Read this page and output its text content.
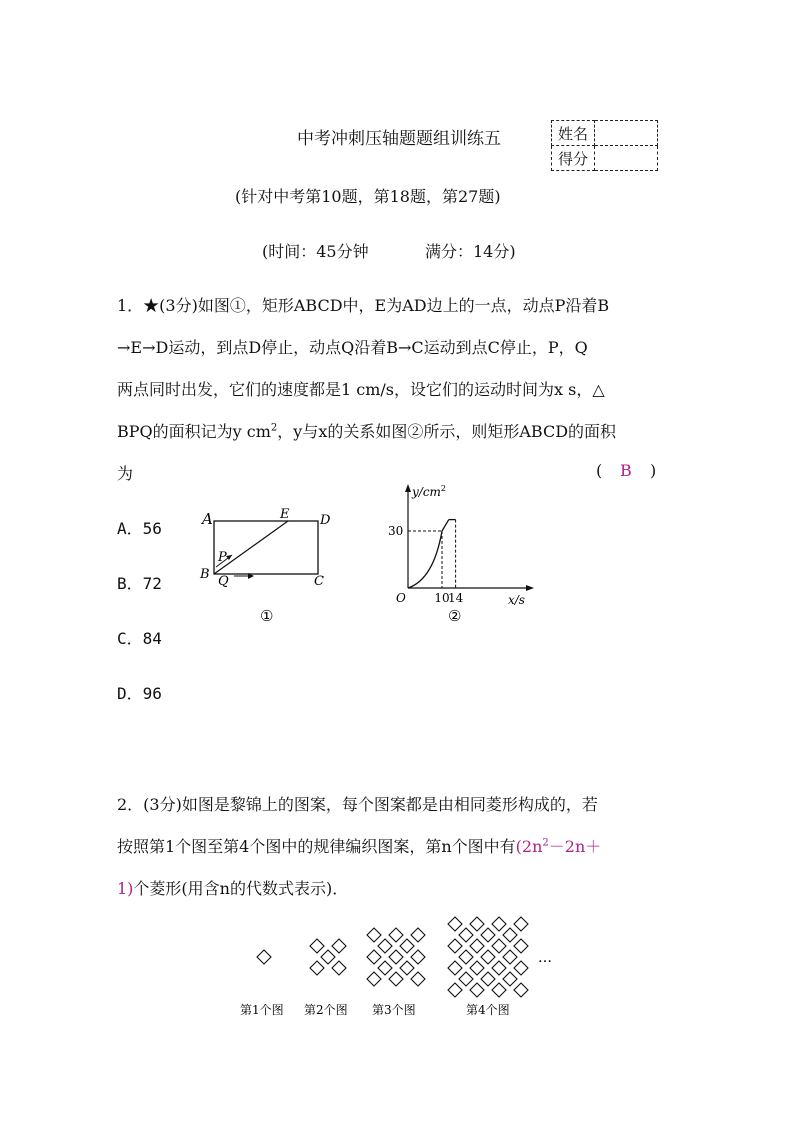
中考冲刺压轴题题组训练五	姓名	
得分	
(针对中考第10题，第18题，第27题)
(时间：45分钟	满分：14分)
1．★(3分)如图①，矩形ABCD中，E为AD边上的一点，动点P沿着B
→E→D运动，到点D停止，动点Q沿着B→C运动到点C停止，P，Q
两点同时出发，它们的速度都是1 cm/s，设它们的运动时间为x s，△
BPQ的面积记为y $cm^2$，y与x的关系如图②所示，则矩形ABCD的面积
为	( B )
A．56
B．72
C．84
D．96
A
B	C
D
E
P
Q
①
$y/cm^2$
x/s
O
30
10
14
②
2．(3分)如图是黎锦上的图案，每个图案都是由相同菱形构成的，若
按照第1个图至第4个图中的规律编织图案，第n个图中有($2n^2-2n+$
1)个菱形(用含n的代数式表示)．
…
第1个图 第2个图 第3个图	第4个图
